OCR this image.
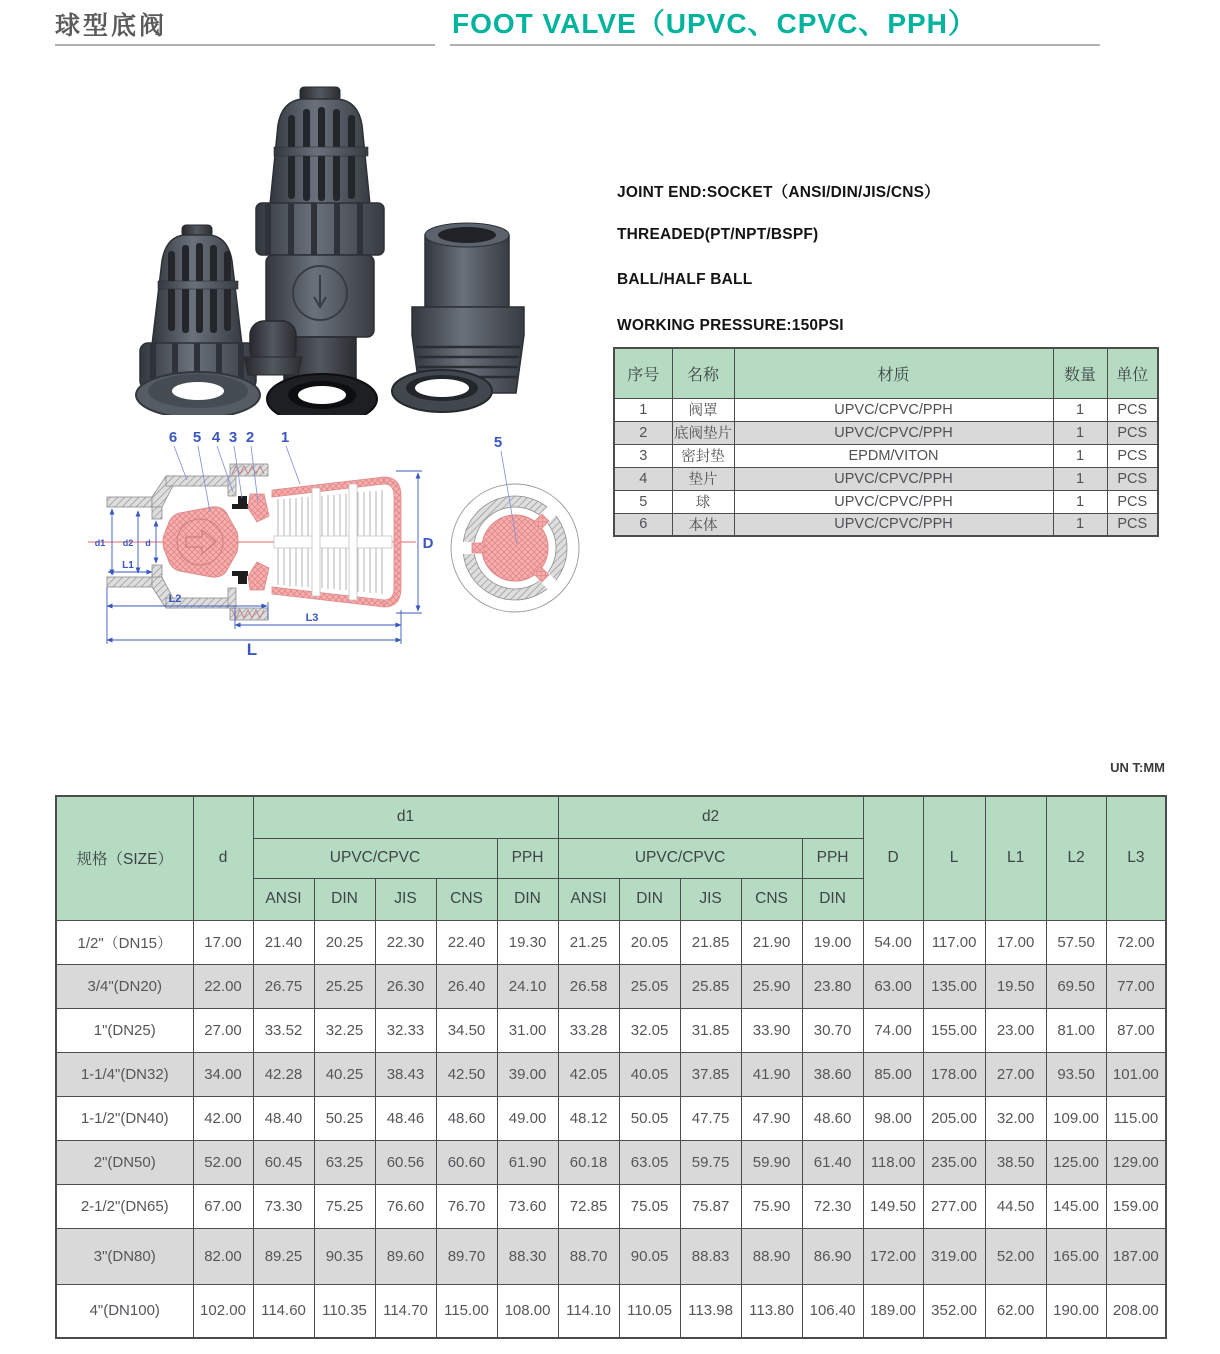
球型底阀	FOOT VALVE（UPVC、CPVC、PPH）
JOINT END:SOCKET（ANSI/DIN/JIS/CNS）
THREADED(PT/NPT/BSPF)
BALL/HALF BALL
WORKING PRESSURE:150PSI
序号	名称	材质	数量	单位
1	阀罩	UPVC/CPVC/PPH	1	PCS
2	底阀垫片	UPVC/CPVC/PPH	1	PCS
3	密封垫	EPDM/VITON	1	PCS
4	垫片	UPVC/CPVC/PPH	1	PCS
5	球	UPVC/CPVC/PPH	1	PCS
6	本体	UPVC/CPVC/PPH	1	PCS
6 5 4 3 2 1
d1 d2 d
L1
L2
L3
L
D
5
UN T:MM
规格（SIZE）	d	d1					d2					D	L	L1	L2	L3
		UPVC/CPVC				PPH	UPVC/CPVC				PPH					
		ANSI	DIN	JIS	CNS	DIN	ANSI	DIN	JIS	CNS	DIN					
1/2"（DN15）	17.00	21.40	20.25	22.30	22.40	19.30	21.25	20.05	21.85	21.90	19.00	54.00	117.00	17.00	57.50	72.00
3/4"(DN20)	22.00	26.75	25.25	26.30	26.40	24.10	26.58	25.05	25.85	25.90	23.80	63.00	135.00	19.50	69.50	77.00
1"(DN25)	27.00	33.52	32.25	32.33	34.50	31.00	33.28	32.05	31.85	33.90	30.70	74.00	155.00	23.00	81.00	87.00
1-1/4"(DN32)	34.00	42.28	40.25	38.43	42.50	39.00	42.05	40.05	37.85	41.90	38.60	85.00	178.00	27.00	93.50	101.00
1-1/2"(DN40)	42.00	48.40	50.25	48.46	48.60	49.00	48.12	50.05	47.75	47.90	48.60	98.00	205.00	32.00	109.00	115.00
2"(DN50)	52.00	60.45	63.25	60.56	60.60	61.90	60.18	63.05	59.75	59.90	61.40	118.00	235.00	38.50	125.00	129.00
2-1/2"(DN65)	67.00	73.30	75.25	76.60	76.70	73.60	72.85	75.05	75.87	75.90	72.30	149.50	277.00	44.50	145.00	159.00
3"(DN80)	82.00	89.25	90.35	89.60	89.70	88.30	88.70	90.05	88.83	88.90	86.90	172.00	319.00	52.00	165.00	187.00
4"(DN100)	102.00	114.60	110.35	114.70	115.00	108.00	114.10	110.05	113.98	113.80	106.40	189.00	352.00	62.00	190.00	208.00
